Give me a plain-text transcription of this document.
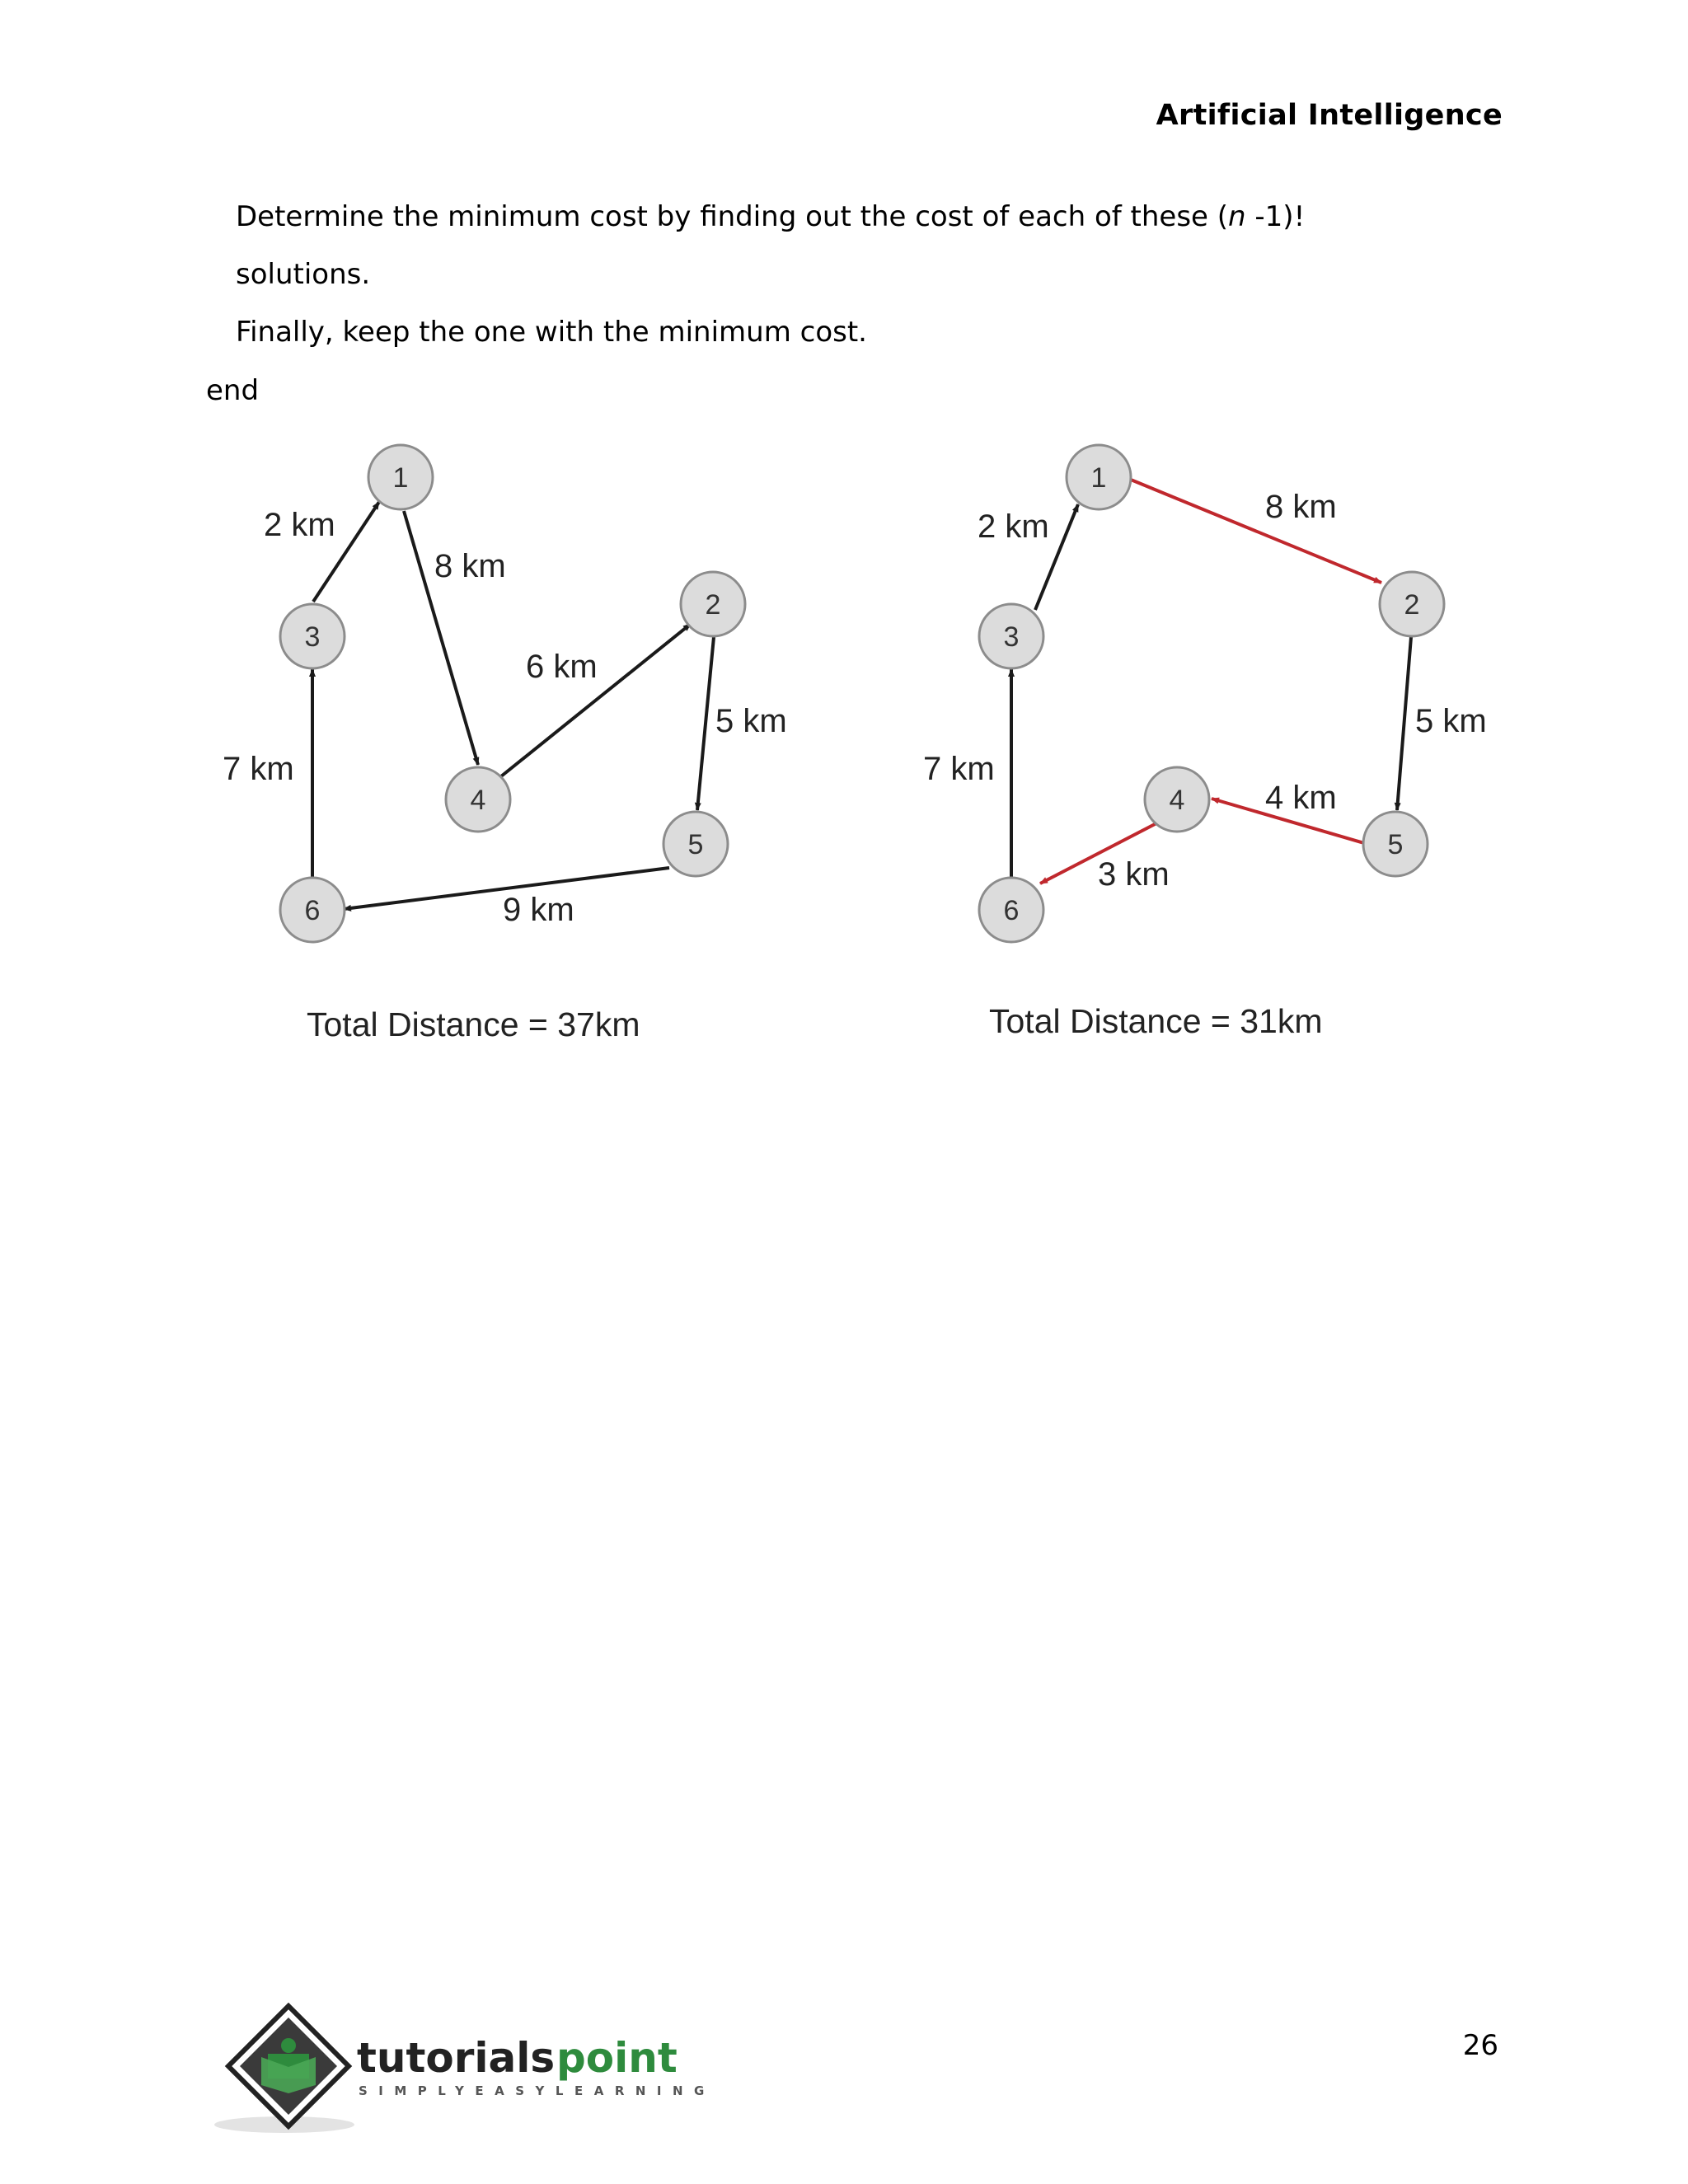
Artificial Intelligence
Determine the minimum cost by finding out the cost of each of these (n -1)!
solutions.
Finally, keep the one with the minimum cost.
end
2 km
8 km
6 km
5 km
9 km
7 km
1
2
3
4
5
6
Total Distance = 37km
2 km
8 km
5 km
4 km
3 km
7 km
1
2
3
4
5
6
Total Distance = 31km
26
tutorials point
SIMPLYEASYLEARNING
